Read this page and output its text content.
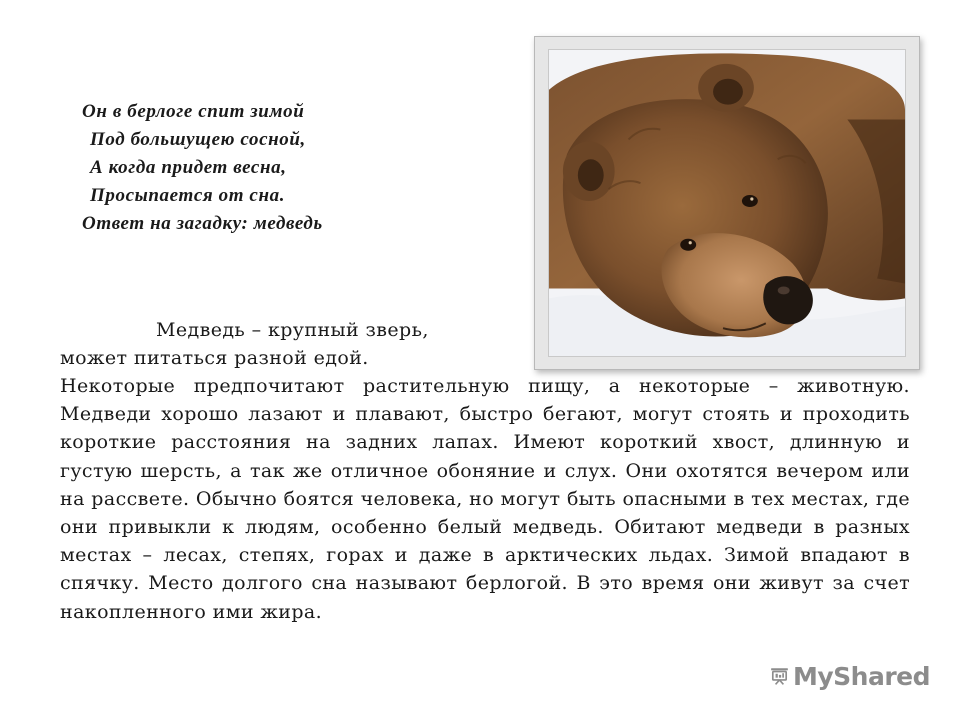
Он в берлоге спит зимой
Под большущею сосной,
А когда придет весна,
Просыпается от сна.
Ответ на загадку: медведь
Медведь – крупный зверь,
может питаться разной едой.
Некоторые предпочитают растительную пищу, а некоторые – животную. Медведи хорошо лазают и плавают, быстро бегают, могут стоять и проходить короткие расстояния на задних лапах. Имеют короткий хвост, длинную и густую шерсть, а так же отличное обоняние и слух. Они охотятся вечером или на рассвете. Обычно боятся человека, но могут быть опасными в тех местах, где они привыкли к людям, особенно белый медведь. Обитают медведи в разных местах – лесах, степях, горах и даже в арктических льдах. Зимой впадают в спячку. Место долгого сна называют берлогой. В это время они живут за счет накопленного ими жира.
MyShared
